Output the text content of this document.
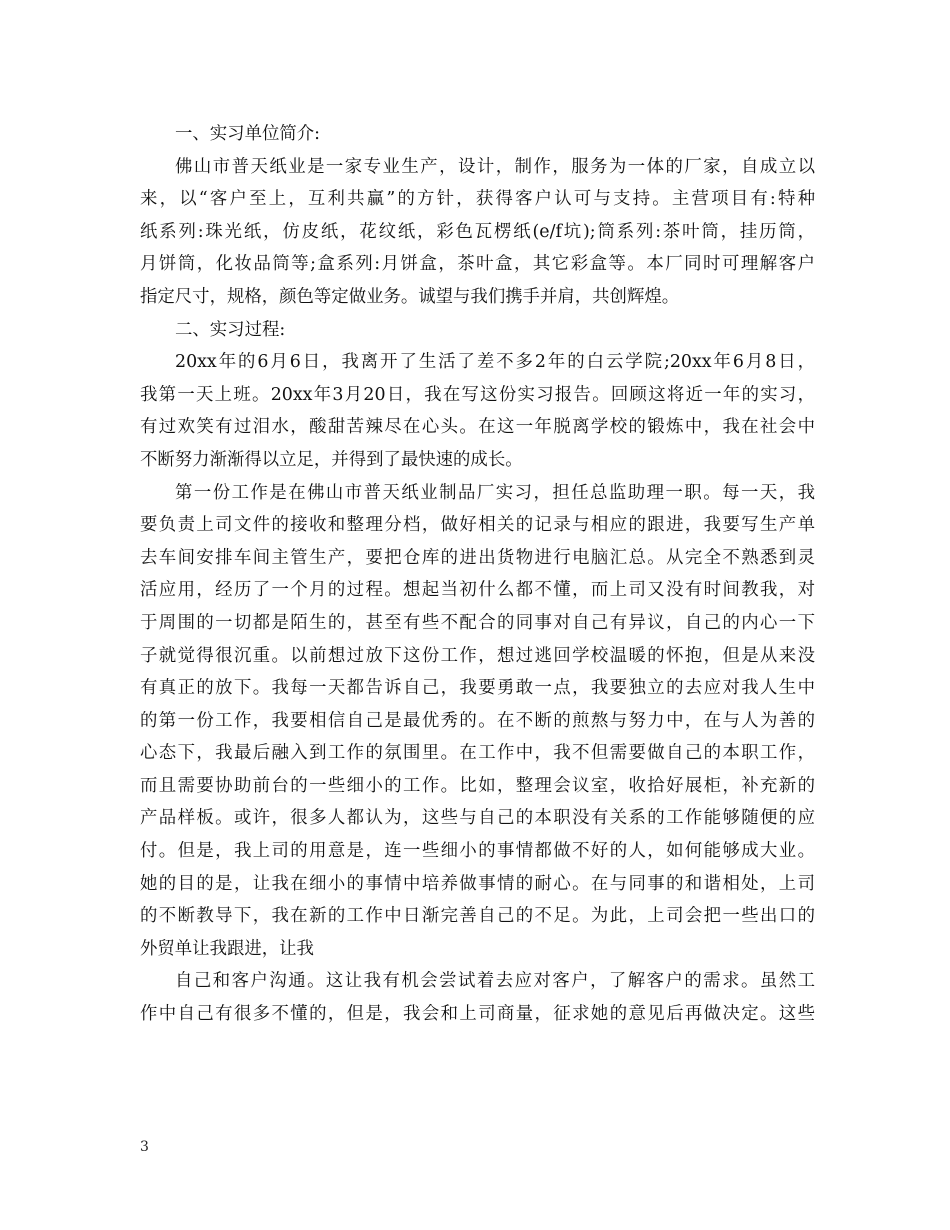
一、实习单位简介:
佛山市普天纸业是一家专业生产，设计，制作，服务为一体的厂家，自成立以
来，以“客户至上，互利共赢”的方针，获得客户认可与支持。主营项目有:特种
纸系列:珠光纸，仿皮纸，花纹纸，彩色瓦楞纸(e/f坑);筒系列:茶叶筒，挂历筒，
月饼筒，化妆品筒等;盒系列:月饼盒，茶叶盒，其它彩盒等。本厂同时可理解客户
指定尺寸，规格，颜色等定做业务。诚望与我们携手并肩，共创辉煌。
二、实习过程:
20xx年的6月6日，我离开了生活了差不多2年的白云学院;20xx年6月8日，
我第一天上班。20xx年3月20日，我在写这份实习报告。回顾这将近一年的实习，
有过欢笑有过泪水，酸甜苦辣尽在心头。在这一年脱离学校的锻炼中，我在社会中
不断努力渐渐得以立足，并得到了最快速的成长。
第一份工作是在佛山市普天纸业制品厂实习，担任总监助理一职。每一天，我
要负责上司文件的接收和整理分档，做好相关的记录与相应的跟进，我要写生产单
去车间安排车间主管生产，要把仓库的进出货物进行电脑汇总。从完全不熟悉到灵
活应用，经历了一个月的过程。想起当初什么都不懂，而上司又没有时间教我，对
于周围的一切都是陌生的，甚至有些不配合的同事对自己有异议，自己的内心一下
子就觉得很沉重。以前想过放下这份工作，想过逃回学校温暖的怀抱，但是从来没
有真正的放下。我每一天都告诉自己，我要勇敢一点，我要独立的去应对我人生中
的第一份工作，我要相信自己是最优秀的。在不断的煎熬与努力中，在与人为善的
心态下，我最后融入到工作的氛围里。在工作中，我不但需要做自己的本职工作，
而且需要协助前台的一些细小的工作。比如，整理会议室，收拾好展柜，补充新的
产品样板。或许，很多人都认为，这些与自己的本职没有关系的工作能够随便的应
付。但是，我上司的用意是，连一些细小的事情都做不好的人，如何能够成大业。
她的目的是，让我在细小的事情中培养做事情的耐心。在与同事的和谐相处，上司
的不断教导下，我在新的工作中日渐完善自己的不足。为此，上司会把一些出口的
外贸单让我跟进，让我
自己和客户沟通。这让我有机会尝试着去应对客户，了解客户的需求。虽然工
作中自己有很多不懂的，但是，我会和上司商量，征求她的意见后再做决定。这些
3
